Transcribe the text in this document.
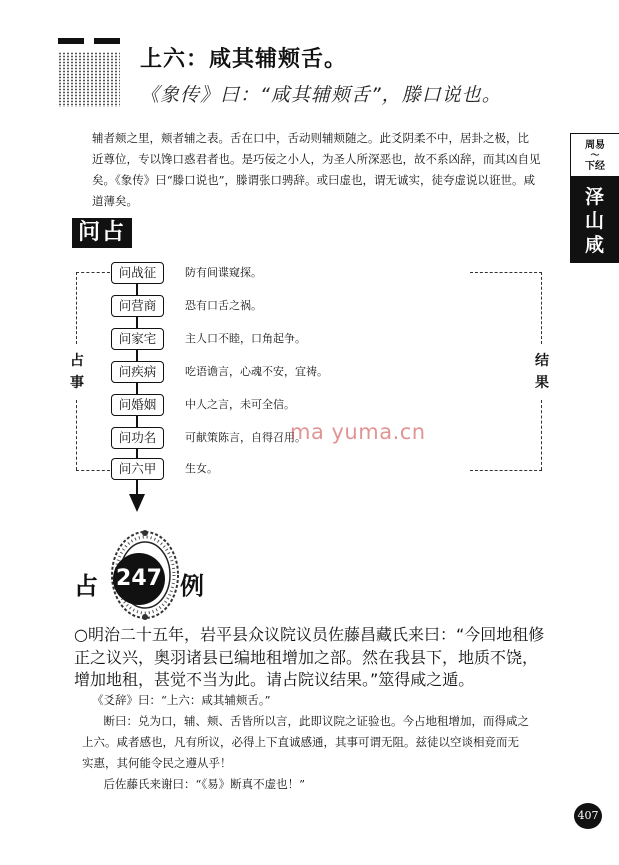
上六：咸其辅颊舌。
《象传》曰：“咸其辅颊舌”，滕口说也。
辅者颊之里，颊者辅之表。舌在口中，舌动则辅颊随之。此爻阴柔不中，居卦之极，比
近尊位，专以馋口惑君者也。是巧佞之小人，为圣人所深恶也，故不系凶辞，而其凶自见
矣。《象传》曰“滕口说也”，滕谓张口骋辞。或曰虚也，谓无诚实，徒夸虚说以诳世。咸
道薄矣。
周易
〜
下经
泽
山
咸
问占
占
事
结
果
问战征	防有间谍窥探。
问营商	恐有口舌之祸。
问家宅	主人口不睦，口角起争。
问疾病	吃语谵言，心魂不安，宜祷。
问婚姻	中人之言，未可全信。
问功名	可献策陈言，自得召用。
问六甲	生女。
ma yuma.cn
占 247 例
○明治二十五年，岩平县众议院议员佐藤昌藏氏来曰：“今回地租修
正之议兴，奥羽诸县已编地租增加之部。然在我县下，地质不饶，
增加地租，甚觉不当为此。请占院议结果。”筮得咸之遁。
《爻辞》曰：“上六：咸其辅颊舌。”
　断曰：兑为口，辅、颊、舌皆所以言，此即议院之证验也。今占地租增加，而得咸之
上六。咸者感也，凡有所议，必得上下直诚感通，其事可谓无阻。兹徒以空谈相竞而无
实惠，其何能令民之遵从乎！
　后佐藤氏来谢曰：“《易》断真不虚也！”
407
